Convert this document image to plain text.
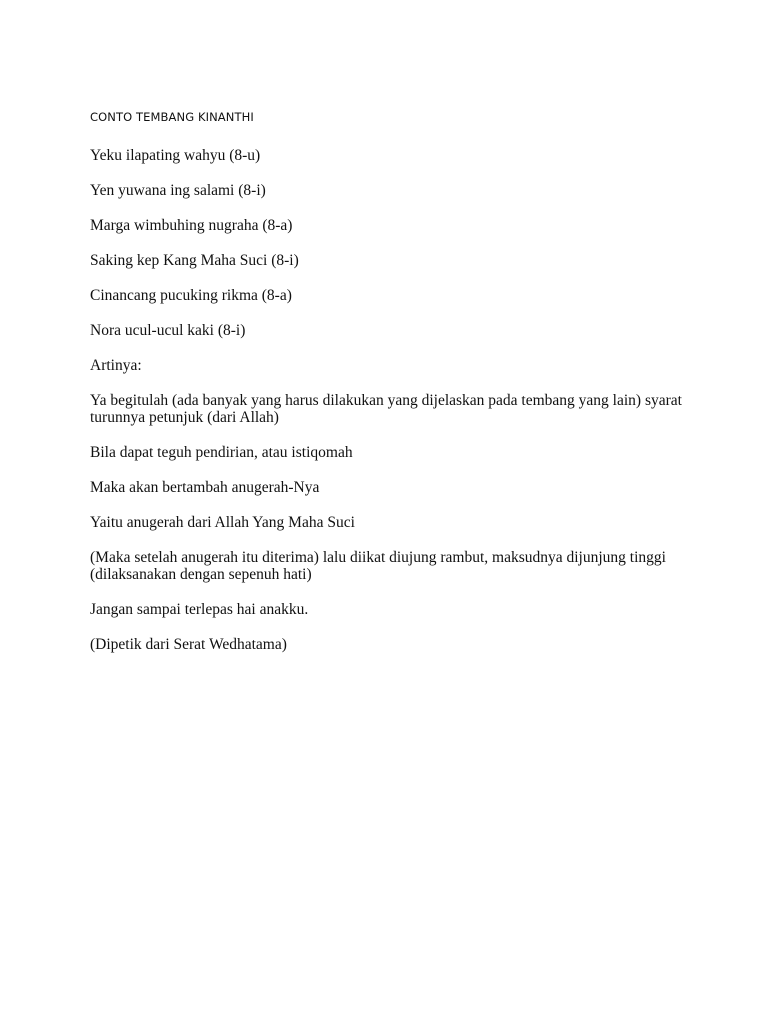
CONTO TEMBANG KINANTHI
Yeku ilapating wahyu (8-u)
Yen yuwana ing salami (8-i)
Marga wimbuhing nugraha (8-a)
Saking kep Kang Maha Suci (8-i)
Cinancang pucuking rikma (8-a)
Nora ucul-ucul kaki (8-i)
Artinya:
Ya begitulah (ada banyak yang harus dilakukan yang dijelaskan pada tembang yang lain) syarat
turunnya petunjuk (dari Allah)
Bila dapat teguh pendirian, atau istiqomah
Maka akan bertambah anugerah-Nya
Yaitu anugerah dari Allah Yang Maha Suci
(Maka setelah anugerah itu diterima) lalu diikat diujung rambut, maksudnya dijunjung tinggi
(dilaksanakan dengan sepenuh hati)
Jangan sampai terlepas hai anakku.
(Dipetik dari Serat Wedhatama)
